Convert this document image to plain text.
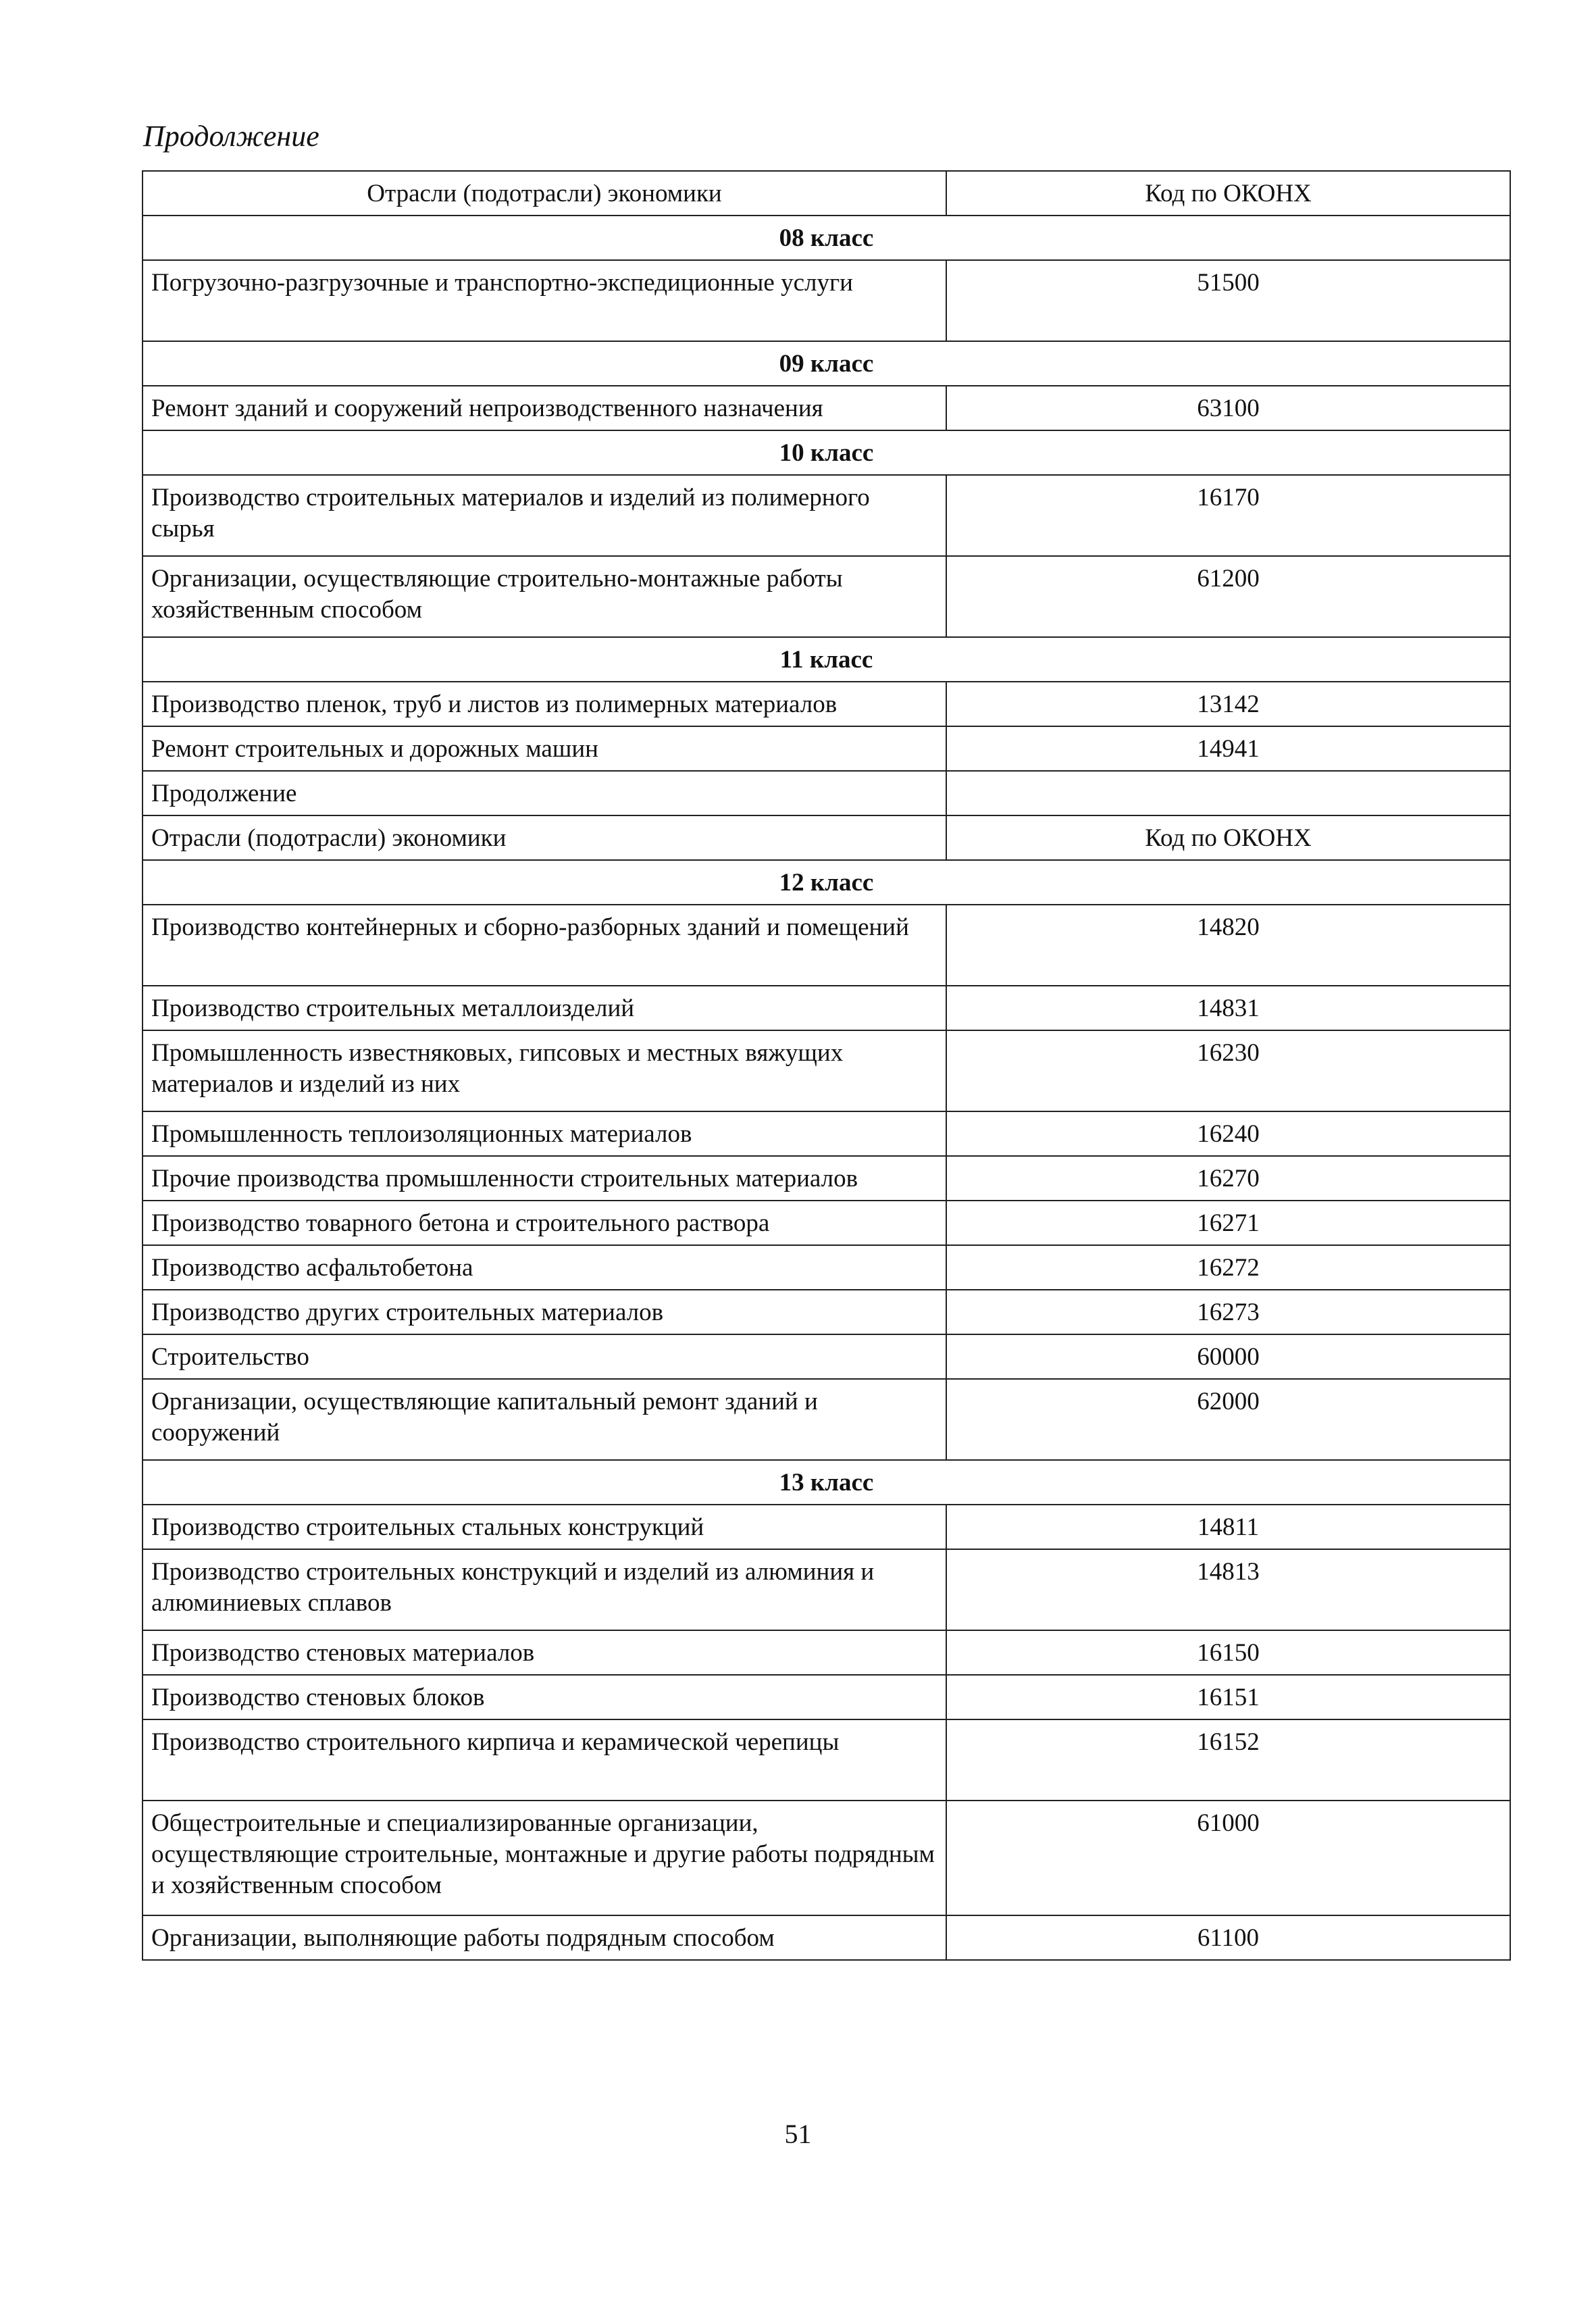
Продолжение
Отрасли (подотрасли) экономики	Код по ОКОНХ
08 класс	
Погрузочно-разгрузочные и транспортно-экспедиционные услуги	51500
09 класс	
Ремонт зданий и сооружений непроизводственного назначения	63100
10 класс	
Производство строительных материалов и изделий из полимерного сырья	16170
Организации, осуществляющие строительно-монтажные работы хозяйственным способом	61200
11 класс	
Производство пленок, труб и листов из полимерных материалов	13142
Ремонт строительных и дорожных машин	14941
Продолжение	
Отрасли (подотрасли) экономики	Код по ОКОНХ
12 класс	
Производство контейнерных и сборно-разборных зданий и помещений	14820
Производство строительных металлоизделий	14831
Промышленность известняковых, гипсовых и местных вяжущих материалов и изделий из них	16230
Промышленность теплоизоляционных материалов	16240
Прочие производства промышленности строительных материалов	16270
Производство товарного бетона и строительного раствора	16271
Производство асфальтобетона	16272
Производство других строительных материалов	16273
Строительство	60000
Организации, осуществляющие капитальный ремонт зданий и сооружений	62000
13 класс	
Производство строительных стальных конструкций	14811
Производство строительных конструкций и изделий из алюминия и алюминиевых сплавов	14813
Производство стеновых материалов	16150
Производство стеновых блоков	16151
Производство строительного кирпича и керамической черепицы	16152
Общестроительные и специализированные организации, осуществляющие строительные, монтажные и другие работы подрядным и хозяйственным способом	61000
Организации, выполняющие работы подрядным способом	61100
51
